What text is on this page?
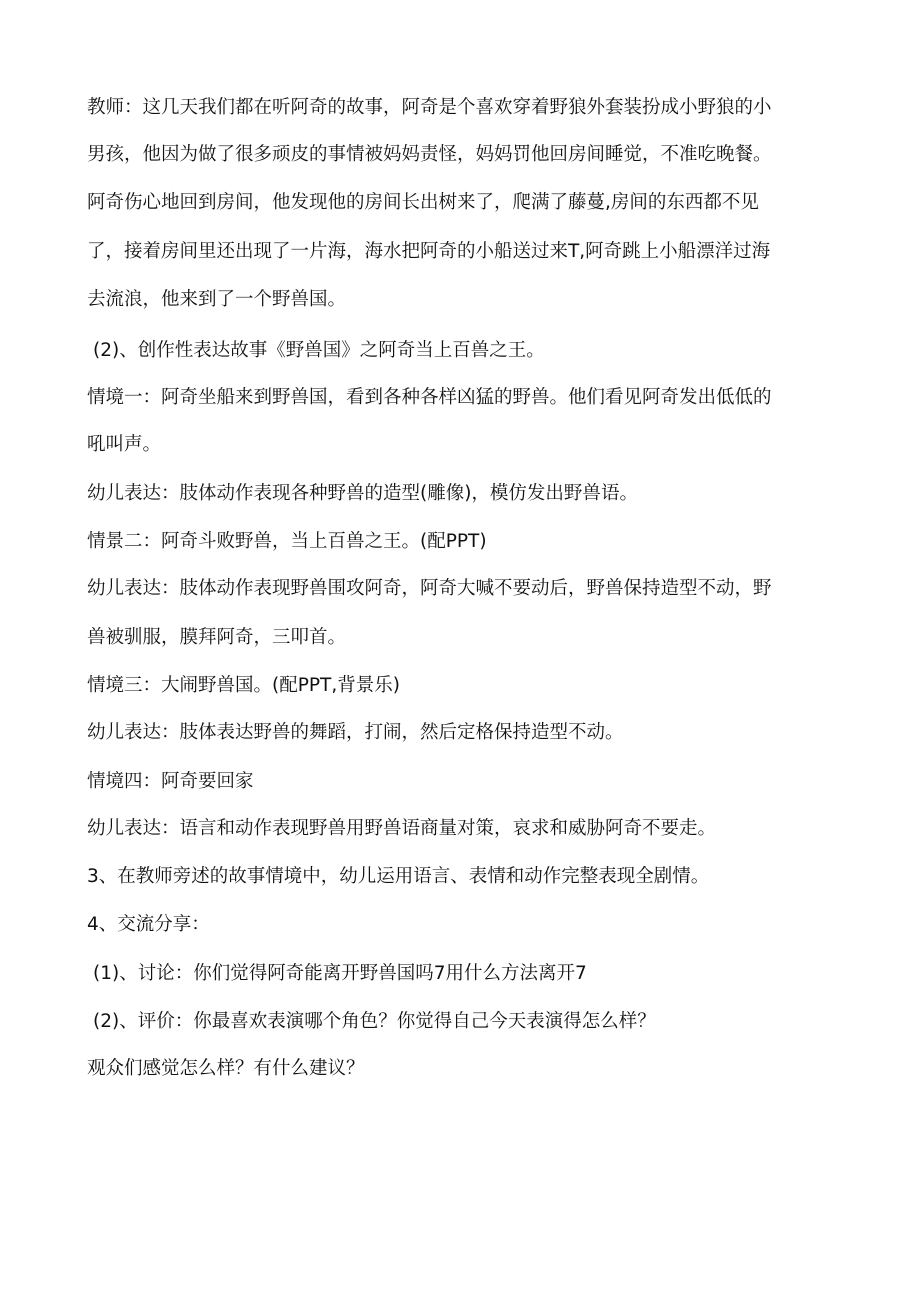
教师：这几天我们都在听阿奇的故事，阿奇是个喜欢穿着野狼外套装扮成小野狼的小
男孩，他因为做了很多顽皮的事情被妈妈责怪，妈妈罚他回房间睡觉，不准吃晚餐。
阿奇伤心地回到房间，他发现他的房间长出树来了，爬满了藤蔓,房间的东西都不见
了，接着房间里还出现了一片海，海水把阿奇的小船送过来T,阿奇跳上小船漂洋过海
去流浪，他来到了一个野兽国。
(2)、创作性表达故事《野兽国》之阿奇当上百兽之王。
情境一：阿奇坐船来到野兽国，看到各种各样凶猛的野兽。他们看见阿奇发出低低的
吼叫声。
幼儿表达：肢体动作表现各种野兽的造型(雕像)，模仿发出野兽语。
情景二：阿奇斗败野兽，当上百兽之王。(配PPT)
幼儿表达：肢体动作表现野兽围攻阿奇，阿奇大喊不要动后，野兽保持造型不动，野
兽被驯服，膜拜阿奇，三叩首。
情境三：大闹野兽国。(配PPT,背景乐)
幼儿表达：肢体表达野兽的舞蹈，打闹，然后定格保持造型不动。
情境四：阿奇要回家
幼儿表达：语言和动作表现野兽用野兽语商量对策，哀求和威胁阿奇不要走。
3、在教师旁述的故事情境中，幼儿运用语言、表情和动作完整表现全剧情。
4、交流分享：
(1)、讨论：你们觉得阿奇能离开野兽国吗7用什么方法离开7
(2)、评价：你最喜欢表演哪个角色？你觉得自己今天表演得怎么样？
观众们感觉怎么样？有什么建议？
